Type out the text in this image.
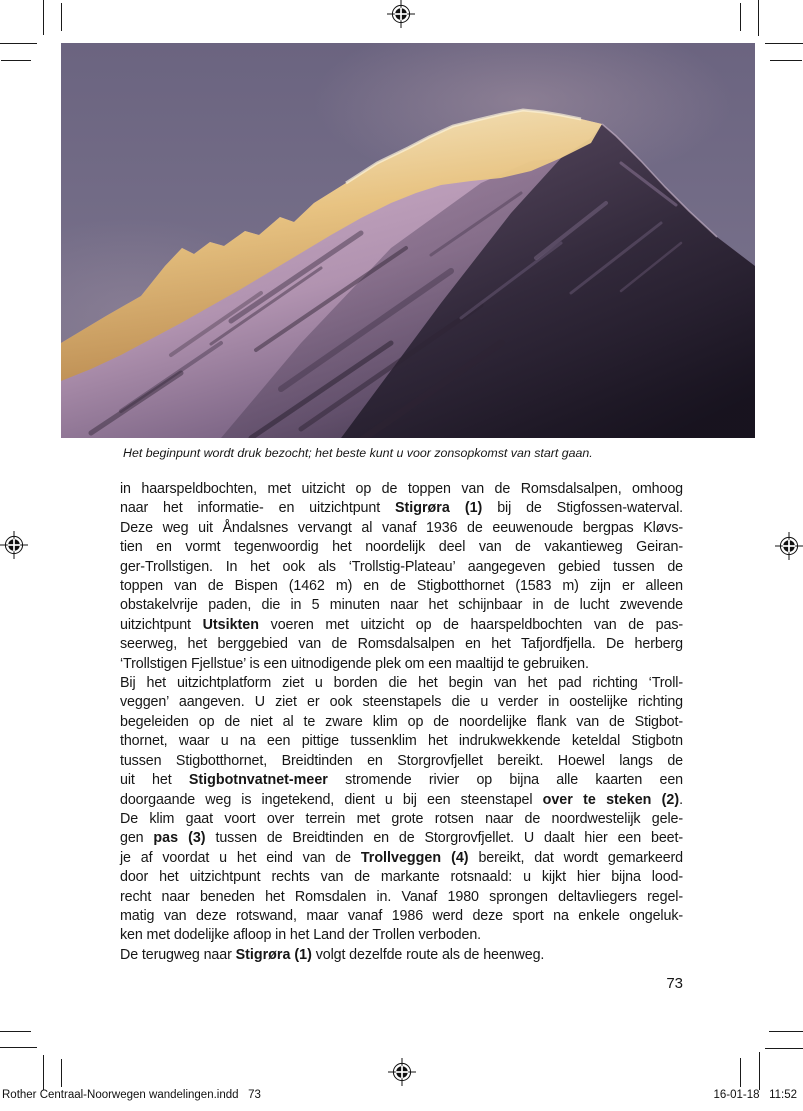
Het beginpunt wordt druk bezocht; het beste kunt u voor zonsopkomst van start gaan.
in haarspeldbochten, met uitzicht op de toppen van de Romsdalsalpen, omhoog
naar het informatie- en uitzichtpunt Stigrøra (1) bij de Stigfossen-waterval.
Deze weg uit Åndalsnes vervangt al vanaf 1936 de eeuwenoude bergpas Kløvs-
tien en vormt tegenwoordig het noordelijk deel van de vakantieweg Geiran-
ger-Trollstigen. In het ook als ‘Trollstig-Plateau’ aangegeven gebied tussen de
toppen van de Bispen (1462 m) en de Stigbotthornet (1583 m) zijn er alleen
obstakelvrije paden, die in 5 minuten naar het schijnbaar in de lucht zwevende
uitzichtpunt Utsikten voeren met uitzicht op de haarspeldbochten van de pas-
seerweg, het berggebied van de Romsdalsalpen en het Tafjordfjella. De herberg
‘Trollstigen Fjellstue’ is een uitnodigende plek om een maaltijd te gebruiken.
Bij het uitzichtplatform ziet u borden die het begin van het pad richting ‘Troll-
veggen’ aangeven. U ziet er ook steenstapels die u verder in oostelijke richting
begeleiden op de niet al te zware klim op de noordelijke flank van de Stigbot-
thornet, waar u na een pittige tussenklim het indrukwekkende keteldal Stigbotn
tussen Stigbotthornet, Breidtinden en Storgrovfjellet bereikt. Hoewel langs de
uit het Stigbotnvatnet-meer stromende rivier op bijna alle kaarten een
doorgaande weg is ingetekend, dient u bij een steenstapel over te steken (2).
De klim gaat voort over terrein met grote rotsen naar de noordwestelijk gele-
gen pas (3) tussen de Breidtinden en de Storgrovfjellet. U daalt hier een beet-
je af voordat u het eind van de Trollveggen (4) bereikt, dat wordt gemarkeerd
door het uitzichtpunt rechts van de markante rotsnaald: u kijkt hier bijna lood-
recht naar beneden het Romsdalen in. Vanaf 1980 sprongen deltavliegers regel-
matig van deze rotswand, maar vanaf 1986 werd deze sport na enkele ongeluk-
ken met dodelijke afloop in het Land der Trollen verboden.
De terugweg naar Stigrøra (1) volgt dezelfde route als de heenweg.
73
Rother Centraal-Noorwegen wandelingen.indd   73	16-01-18   11:52
